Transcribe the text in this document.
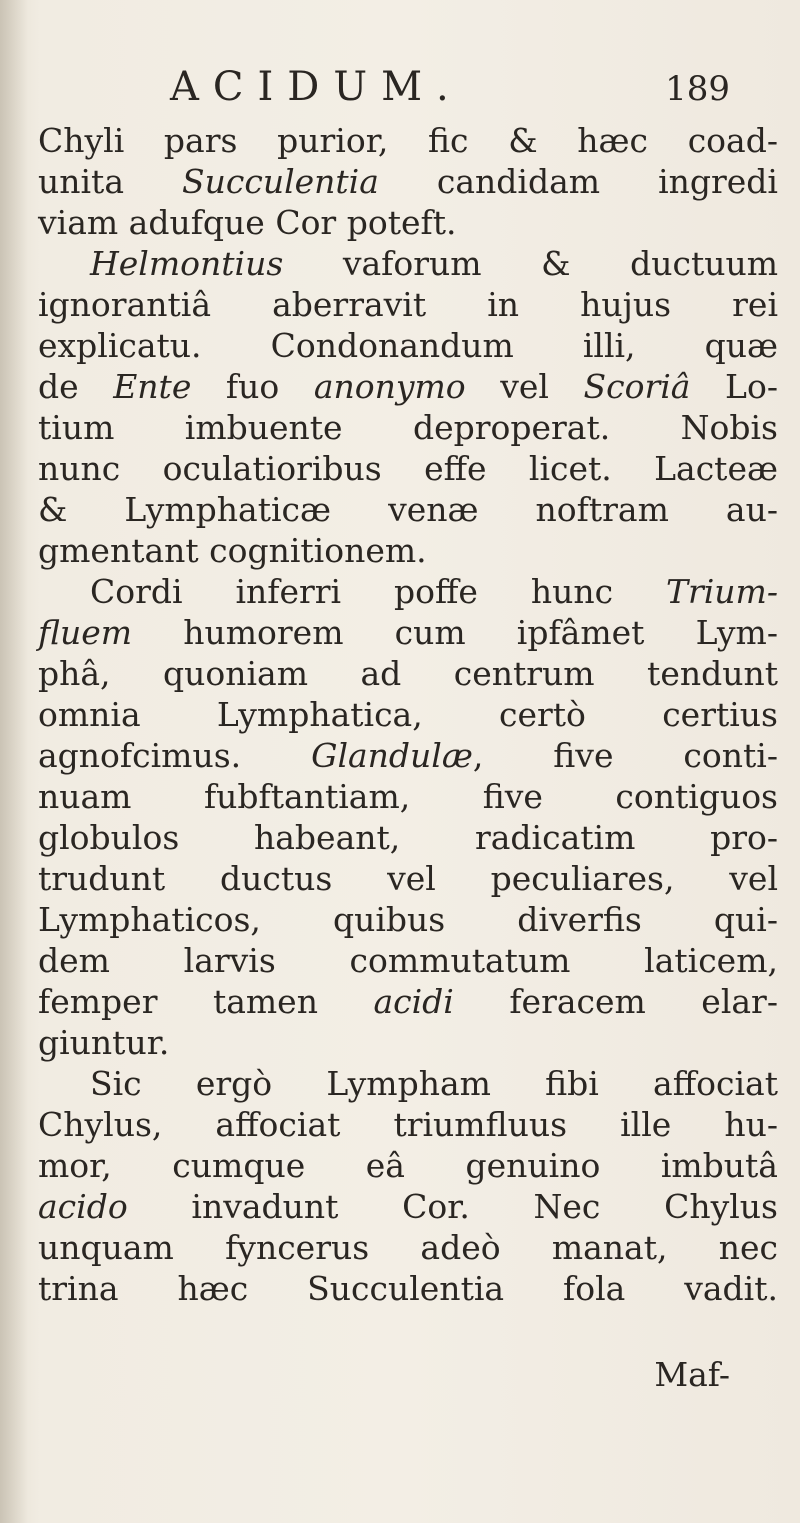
ACIDUM.	189
Chyli pars purior, fic & hæc coad-
unita Succulentia candidam ingredi
viam adufque Cor poteft.
Helmontius vaforum & ductuum
ignorantiâ aberravit in hujus rei
explicatu. Condonandum illi, quæ
de Ente fuo anonymo vel Scoriâ Lo-
tium imbuente deproperat. Nobis
nunc oculatioribus effe licet. Lacteæ
& Lymphaticæ venæ noftram au-
gmentant cognitionem.
Cordi inferri poffe hunc Trium-
fluem humorem cum ipfâmet Lym-
phâ, quoniam ad centrum tendunt
omnia Lymphatica, certò certius
agnofcimus. Glandulæ, five conti-
nuam fubftantiam, five contiguos
globulos habeant, radicatim pro-
trudunt ductus vel peculiares, vel
Lymphaticos, quibus diverfis qui-
dem larvis commutatum laticem,
femper tamen acidi feracem elar-
giuntur.
Sic ergò Lympham fibi affociat
Chylus, affociat triumfluus ille hu-
mor, cumque eâ genuino imbutâ
acido invadunt Cor. Nec Chylus
unquam fyncerus adeò manat, nec
trina hæc Succulentia fola vadit.
Maf-
